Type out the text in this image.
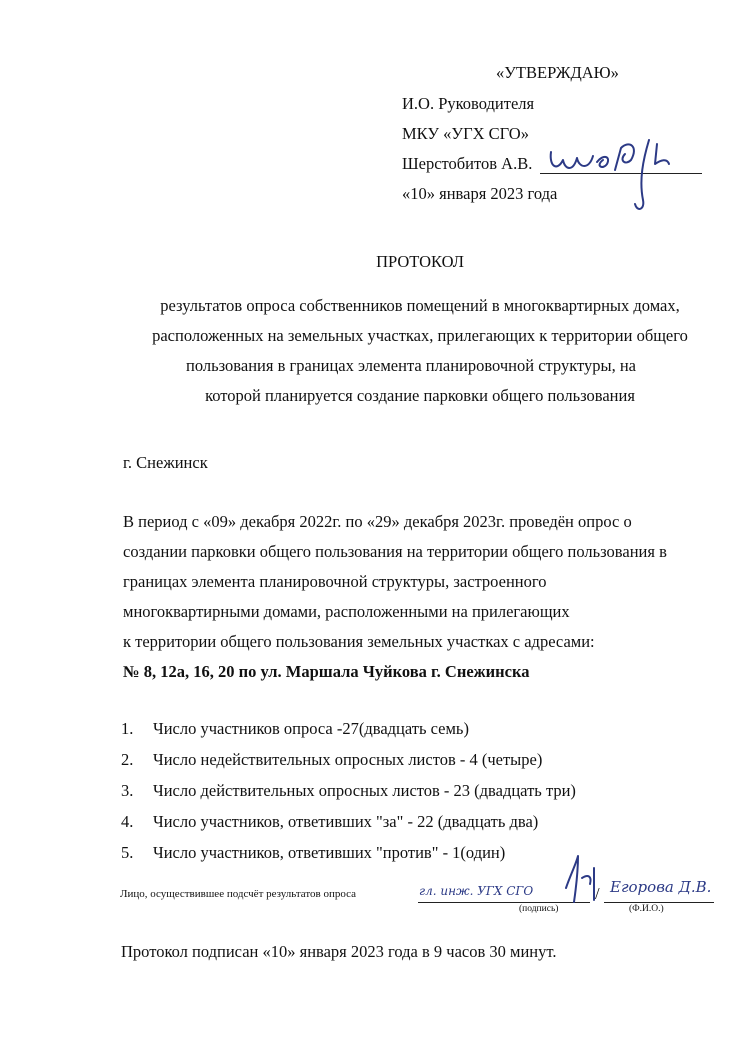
«УТВЕРЖДАЮ»
И.О. Руководителя
МКУ «УГХ СГО»
Шерстобитов А.В.
«10» января 2023 года
ПРОТОКОЛ
результатов опроса собственников помещений в многоквартирных домах,
расположенных на земельных участках, прилегающих к территории общего
пользования в границах элемента планировочной структуры, на
которой планируется создание парковки общего пользования
г. Снежинск
В период с «09» декабря 2022г. по «29» декабря 2023г. проведён опрос о
создании парковки общего пользования на территории общего пользования в
границах элемента планировочной структуры, застроенного
многоквартирными домами, расположенными на прилегающих
к территории общего пользования земельных участках с адресами:
№ 8, 12а, 16, 20 по ул. Маршала Чуйкова г. Снежинска
1. Число участников опроса -27(двадцать семь)
2. Число недействительных опросных листов - 4 (четыре)
3. Число действительных опросных листов - 23 (двадцать три)
4. Число участников, ответивших "за" - 22 (двадцать два)
5. Число участников, ответивших "против" - 1(один)
Лицо, осуществившее подсчёт результатов опроса	гл. инж. УГХ СГО	/ Егорова Д.В.
(подпись)	(Ф.И.О.)
Протокол подписан «10» января 2023 года в 9 часов 30 минут.
